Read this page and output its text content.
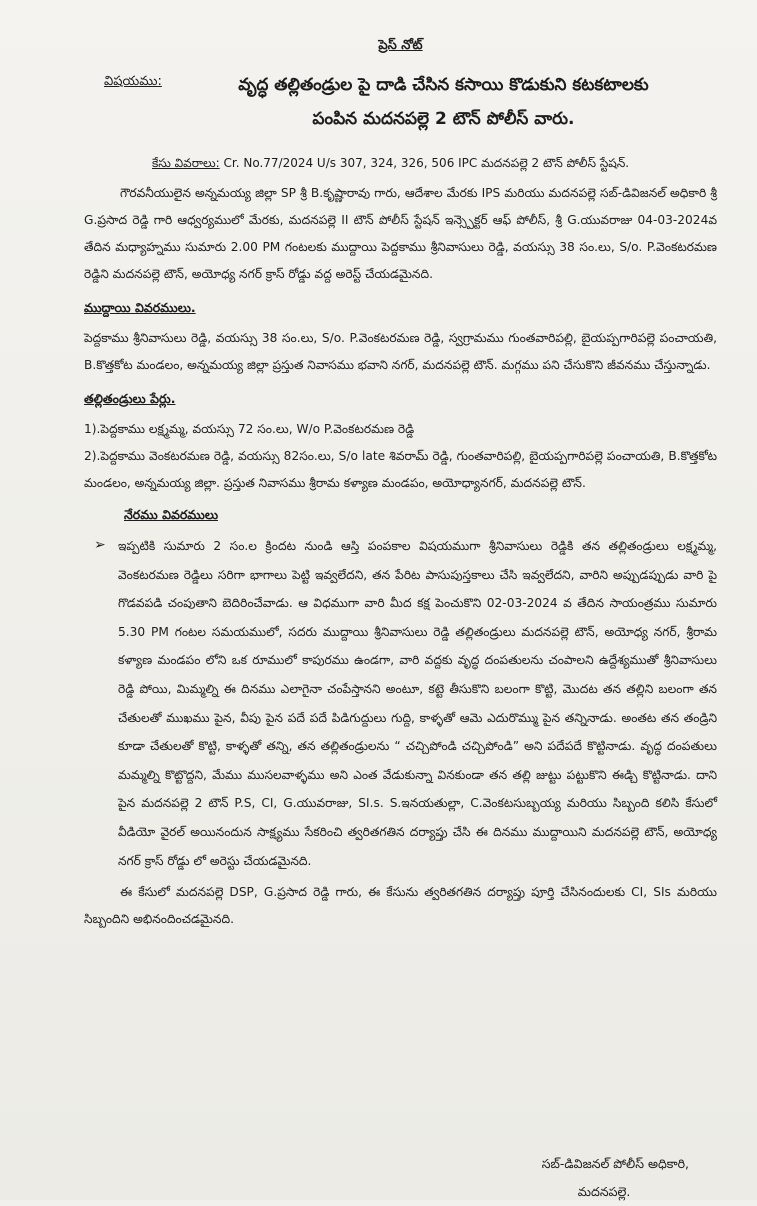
ప్రెస్ నోట్
విషయము:	వృద్ధ తల్లితండ్రుల పై దాడి చేసిన కసాయి కొడుకుని కటకటాలకు
పంపిన మదనపల్లె 2 టౌన్ పోలీస్ వారు.
కేసు వివరాలు: Cr. No.77/2024 U/s 307, 324, 326, 506 IPC మదనపల్లె 2 టౌన్ పోలీస్ స్టేషన్.

గౌరవనీయులైన అన్నమయ్య జిల్లా SP శ్రీ B.కృష్ణారావు గారు, ఆదేశాల మేరకు IPS మరియు మదనపల్లె సబ్-డివిజనల్ అధికారి శ్రీ G.ప్రసాద రెడ్డి గారి ఆధ్వర్యములో మేరకు, మదనపల్లె II టౌన్ పోలీస్ స్టేషన్ ఇన్స్పెక్టర్ ఆఫ్ పోలీస్, శ్రీ G.యువరాజు 04-03-2024వ తేదిన మధ్యాహ్నము సుమారు 2.00 PM గంటలకు ముద్దాయి పెద్దకాము శ్రీనివాసులు రెడ్డి, వయస్సు 38 సం.లు, S/o. P.వెంకటరమణ రెడ్డిని మదనపల్లె టౌన్, అయోధ్య నగర్ క్రాస్ రోడ్డు వద్ద అరెస్ట్ చేయడమైనది.

ముద్దాయి వివరములు.

పెద్దకాము శ్రీనివాసులు రెడ్డి, వయస్సు 38 సం.లు, S/o. P.వెంకటరమణ రెడ్డి, స్వగ్రామము గుంతవారిపల్లి, బైయప్పగారిపల్లె పంచాయతి, B.కొత్తకోట మండలం, అన్నమయ్య జిల్లా ప్రస్తుత నివాసము భవాని నగర్, మదనపల్లె టౌన్. మగ్గము పని చేసుకొని జీవనము చేస్తున్నాడు.

తల్లితండ్రులు పేర్లు.

1).పెద్దకాము లక్ష్మమ్మ, వయస్సు 72 సం.లు, W/o P.వెంకటరమణ రెడ్డి

2).పెద్దకాము వెంకటరమణ రెడ్డి, వయస్సు 82సం.లు, S/o late శివరామ్ రెడ్డి, గుంతవారిపల్లి, బైయప్పగారిపల్లె పంచాయతి, B.కొత్తకోట మండలం, అన్నమయ్య జిల్లా. ప్రస్తుత నివాసము శ్రీరామ కళ్యాణ మండపం, అయోధ్యానగర్, మదనపల్లె టౌన్.

నేరము వివరములు
➢	ఇప్పటికి సుమారు 2 సం.ల క్రిందట నుండి ఆస్తి పంపకాల విషయముగా శ్రీనివాసులు రెడ్డికి తన తల్లితండ్రులు లక్ష్మమ్మ, వెంకటరమణ రెడ్డిలు సరిగా భాగాలు పెట్టి ఇవ్వలేదని, తన పేరిట పాసుపుస్తకాలు చేసి ఇవ్వలేదని, వారిని అప్పుడప్పుడు వారి పై గొడవపడి చంపుతాని బెదిరించేవాడు. ఆ విధముగా వారి మీద కక్ష పెంచుకొని 02-03-2024 వ తేదిన సాయంత్రము సుమారు 5.30 PM గంటల సమయములో, సదరు ముద్దాయి శ్రీనివాసులు రెడ్డి తల్లితండ్రులు మదనపల్లె టౌన్, అయోధ్య నగర్, శ్రీరామ కళ్యాణ మండపం లోని ఒక రూములో కాపురము ఉండగా, వారి వద్దకు వృద్ధ దంపతులను చంపాలని ఉద్దేశ్యముతో శ్రీనివాసులు రెడ్డి పోయి, మిమ్మల్ని ఈ దినము ఎలాగైనా చంపేస్తానని అంటూ, కట్టె తీసుకొని బలంగా కొట్టి, మొదట తన తల్లిని బలంగా తన చేతులతో ముఖము పైన, వీపు పైన పదే పదే పిడిగుద్దులు గుద్ది, కాళ్ళతో ఆమె ఎదురొమ్ము పైన తన్నినాడు. అంతట తన తండ్రిని కూడా చేతులతో కొట్టి, కాళ్ళతో తన్ని, తన తల్లితండ్రులను “ చచ్చిపోండి చచ్చిపోండి” అని పదేపదే కొట్టినాడు. వృద్ధ దంపతులు మమ్మల్ని కొట్టొద్దని, మేము ముసలవాళ్ళము అని ఎంత వేడుకున్నా వినకుండా తన తల్లి జుట్టు పట్టుకొని ఈడ్చి కొట్టినాడు. దాని పైన మదనపల్లె 2 టౌన్ P.S, CI, G.యువరాజు, SI.s. S.ఇనయతుల్లా, C.వెంకటసుబ్బయ్య మరియు సిబ్బంది కలిసి కేసులో వీడియో వైరల్ అయినందున సాక్ష్యము సేకరించి త్వరితగతిన దర్యాప్తు చేసి ఈ దినము ముద్దాయిని మదనపల్లె టౌన్, అయోధ్య నగర్ క్రాస్ రోడ్డు లో అరెస్టు చేయడమైనది.

ఈ కేసులో మదనపల్లె DSP, G.ప్రసాద రెడ్డి గారు, ఈ కేసును త్వరితగతిన దర్యాప్తు పూర్తి చేసినందులకు CI, SIs మరియు సిబ్బందిని అభినందించడమైనది.

సబ్-డివిజనల్ పోలీస్ అధికారి,
మదనపల్లె.
